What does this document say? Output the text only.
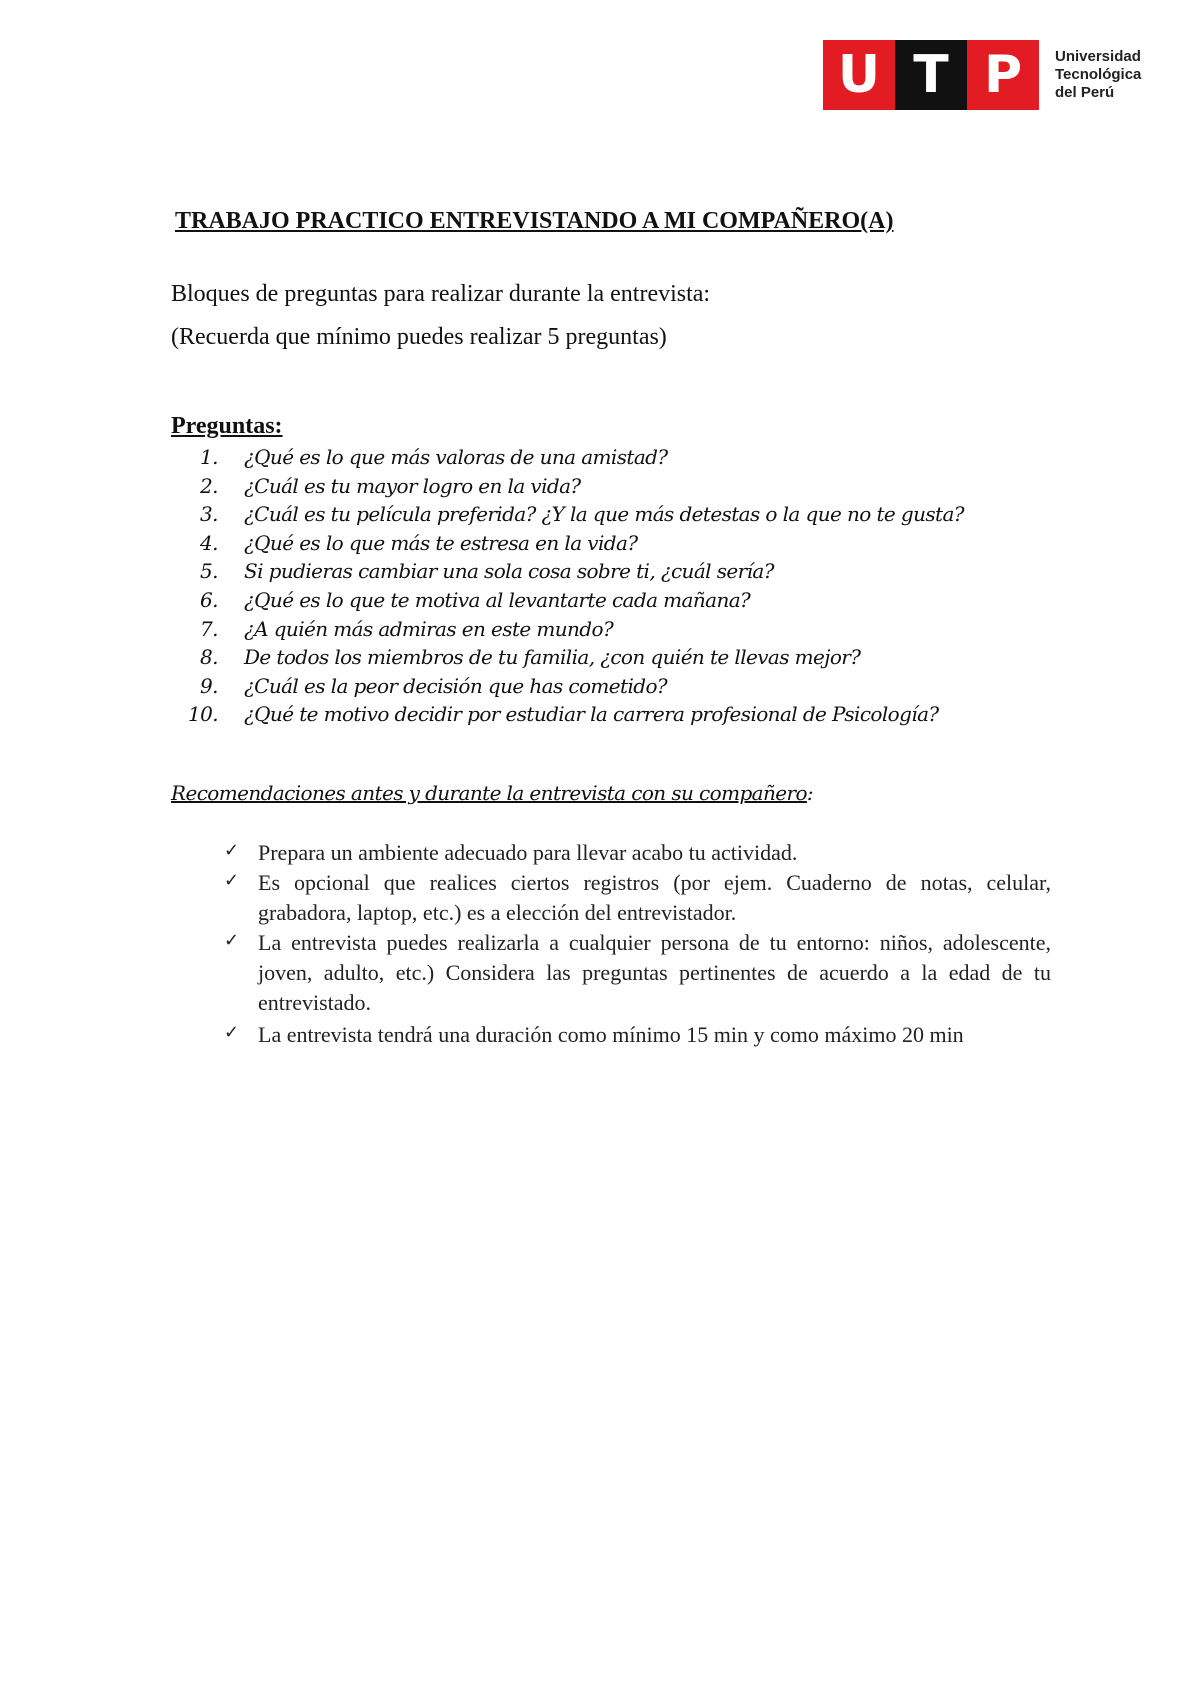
U T P	Universidad
Tecnológica
del Perú
TRABAJO PRACTICO ENTREVISTANDO A MI COMPAÑERO(A)
Bloques de preguntas para realizar durante la entrevista:
(Recuerda que mínimo puedes realizar 5 preguntas)
Preguntas:
1.	¿Qué es lo que más valoras de una amistad?
2.	¿Cuál es tu mayor logro en la vida?
3.	¿Cuál es tu película preferida? ¿Y la que más detestas o la que no te gusta?
4.	¿Qué es lo que más te estresa en la vida?
5.	Si pudieras cambiar una sola cosa sobre ti, ¿cuál sería?
6.	¿Qué es lo que te motiva al levantarte cada mañana?
7.	¿A quién más admiras en este mundo?
8.	De todos los miembros de tu familia, ¿con quién te llevas mejor?
9.	¿Cuál es la peor decisión que has cometido?
10.	¿Qué te motivo decidir por estudiar la carrera profesional de Psicología?
Recomendaciones antes y durante la entrevista con su compañero:
✓ Prepara un ambiente adecuado para llevar acabo tu actividad.
✓ Es opcional que realices ciertos registros (por ejem. Cuaderno de notas, celular, grabadora, laptop, etc.) es a elección del entrevistador.
✓ La entrevista puedes realizarla a cualquier persona de tu entorno: niños, adolescente, joven, adulto, etc.) Considera las preguntas pertinentes de acuerdo a la edad de tu entrevistado.
✓ La entrevista tendrá una duración como mínimo 15 min y como máximo 20 min
